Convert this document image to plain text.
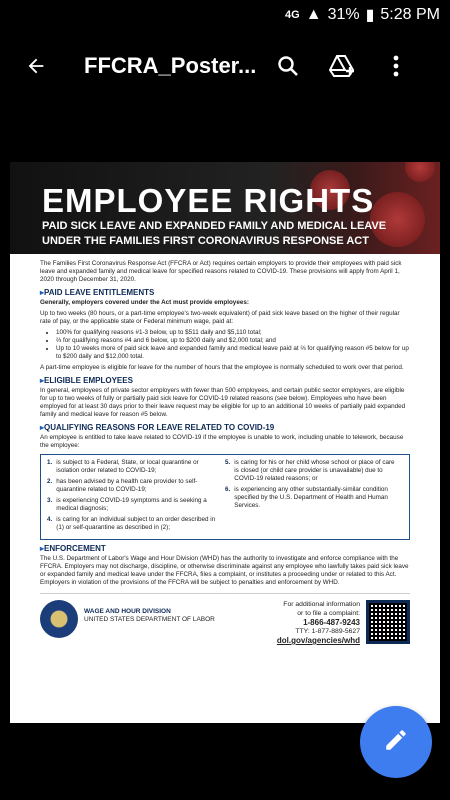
4G ▲ 31% ▮ 5:28 PM
FFCRA_Poster...
EMPLOYEE RIGHTS
PAID SICK LEAVE AND EXPANDED FAMILY AND MEDICAL LEAVE
UNDER THE FAMILIES FIRST CORONAVIRUS RESPONSE ACT

The Families First Coronavirus Response Act (FFCRA or Act) requires certain employers to provide their employees with paid sick leave and expanded family and medical leave for specified reasons related to COVID-19. These provisions will apply from April 1, 2020 through December 31, 2020.

▸ PAID LEAVE ENTITLEMENTS

Generally, employers covered under the Act must provide employees:

Up to two weeks (80 hours, or a part-time employee's two-week equivalent) of paid sick leave based on the higher of their regular rate of pay, or the applicable state or Federal minimum wage, paid at:

• 100% for qualifying reasons #1-3 below, up to $511 daily and $5,110 total;
• ⅔ for qualifying reasons #4 and 6 below, up to $200 daily and $2,000 total; and
• Up to 10 weeks more of paid sick leave and expanded family and medical leave paid at ⅔ for qualifying reason #5 below for up to $200 daily and $12,000 total.

A part-time employee is eligible for leave for the number of hours that the employee is normally scheduled to work over that period.

▸ ELIGIBLE EMPLOYEES

In general, employees of private sector employers with fewer than 500 employees, and certain public sector employers, are eligible for up to two weeks of fully or partially paid sick leave for COVID-19 related reasons (see below). Employees who have been employed for at least 30 days prior to their leave request may be eligible for up to an additional 10 weeks of partially paid expanded family and medical leave for reason #5 below.

▸ QUALIFYING REASONS FOR LEAVE RELATED TO COVID-19

An employee is entitled to take leave related to COVID-19 if the employee is unable to work, including unable to telework, because the employee:

1. is subject to a Federal, State, or local quarantine or isolation order related to COVID-19;
2. has been advised by a health care provider to self-quarantine related to COVID-19;
3. is experiencing COVID-19 symptoms and is seeking a medical diagnosis;
4. is caring for an individual subject to an order described in (1) or self-quarantine as described in (2);
5. is caring for his or her child whose school or place of care is closed (or child care provider is unavailable) due to COVID-19 related reasons; or
6. is experiencing any other substantially-similar condition specified by the U.S. Department of Health and Human Services.
▸ ENFORCEMENT

The U.S. Department of Labor's Wage and Hour Division (WHD) has the authority to investigate and enforce compliance with the FFCRA. Employers may not discharge, discipline, or otherwise discriminate against any employee who lawfully takes paid sick leave or expanded family and medical leave under the FFCRA, files a complaint, or institutes a proceeding under or related to this Act. Employers in violation of the provisions of the FFCRA will be subject to penalties and enforcement by WHD.

WAGE AND HOUR DIVISION
UNITED STATES DEPARTMENT OF LABOR
For additional information
or to file a complaint:
1-866-487-9243
TTY: 1-877-889-5627
dol.gov/agencies/whd
